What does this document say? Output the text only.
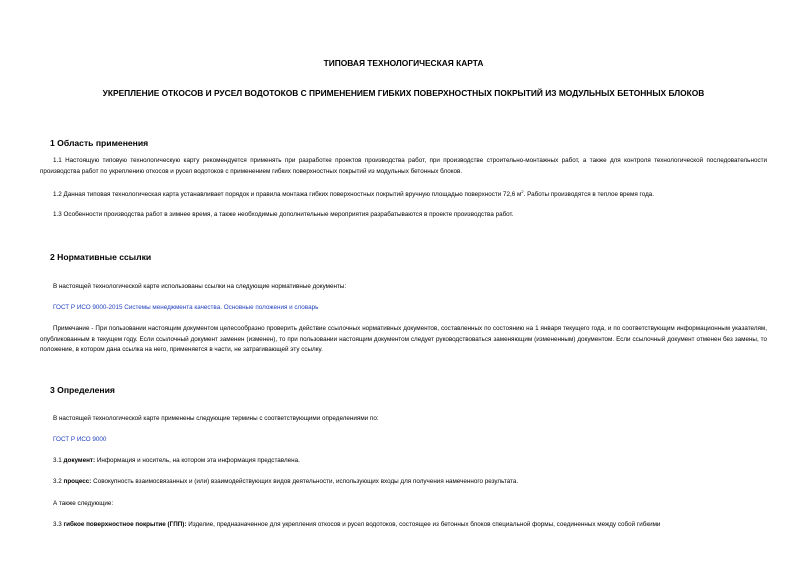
ТИПОВАЯ ТЕХНОЛОГИЧЕСКАЯ КАРТА
УКРЕПЛЕНИЕ ОТКОСОВ И РУСЕЛ ВОДОТОКОВ С ПРИМЕНЕНИЕМ ГИБКИХ ПОВЕРХНОСТНЫХ ПОКРЫТИЙ ИЗ МОДУЛЬНЫХ БЕТОННЫХ БЛОКОВ
1 Область применения
1.1 Настоящую типовую технологическую карту рекомендуется применять при разработке проектов производства работ, при производстве строительно-монтажных работ, а также для контроля технологической последовательности производства работ по укреплению откосов и русел водотоков с применением гибких поверхностных покрытий из модульных бетонных блоков.
1.2 Данная типовая технологическая карта устанавливает порядок и правила монтажа гибких поверхностных покрытий вручную площадью поверхности 72,6 $м^2$. Работы производятся в теплое время года.
1.3 Особенности производства работ в зимнее время, а также необходимые дополнительные мероприятия разрабатываются в проекте производства работ.
2 Нормативные ссылки
В настоящей технологической карте использованы ссылки на следующие нормативные документы:
ГОСТ Р ИСО 9000-2015 Системы менеджмента качества. Основные положения и словарь
Примечание - При пользовании настоящим документом целесообразно проверить действие ссылочных нормативных документов, составленных по состоянию на 1 января текущего года, и по соответствующим информационным указателям, опубликованным в текущем году. Если ссылочный документ заменен (изменен), то при пользовании настоящим документом следует руководствоваться заменяющим (измененным) документом. Если ссылочный документ отменен без замены, то положение, в котором дана ссылка на него, применяется в части, не затрагивающей эту ссылку.
3 Определения
В настоящей технологической карте применены следующие термины с соответствующими определениями по:
ГОСТ Р ИСО 9000
3.1 документ: Информация и носитель, на котором эта информация представлена.
3.2 процесс: Совокупность взаимосвязанных и (или) взаимодействующих видов деятельности, использующих входы для получения намеченного результата.
А также следующие:
3.3 гибкое поверхностное покрытие (ГПП): Изделие, предназначенное для укрепления откосов и русел водотоков, состоящее из бетонных блоков специальной формы, соединенных между собой гибкими
